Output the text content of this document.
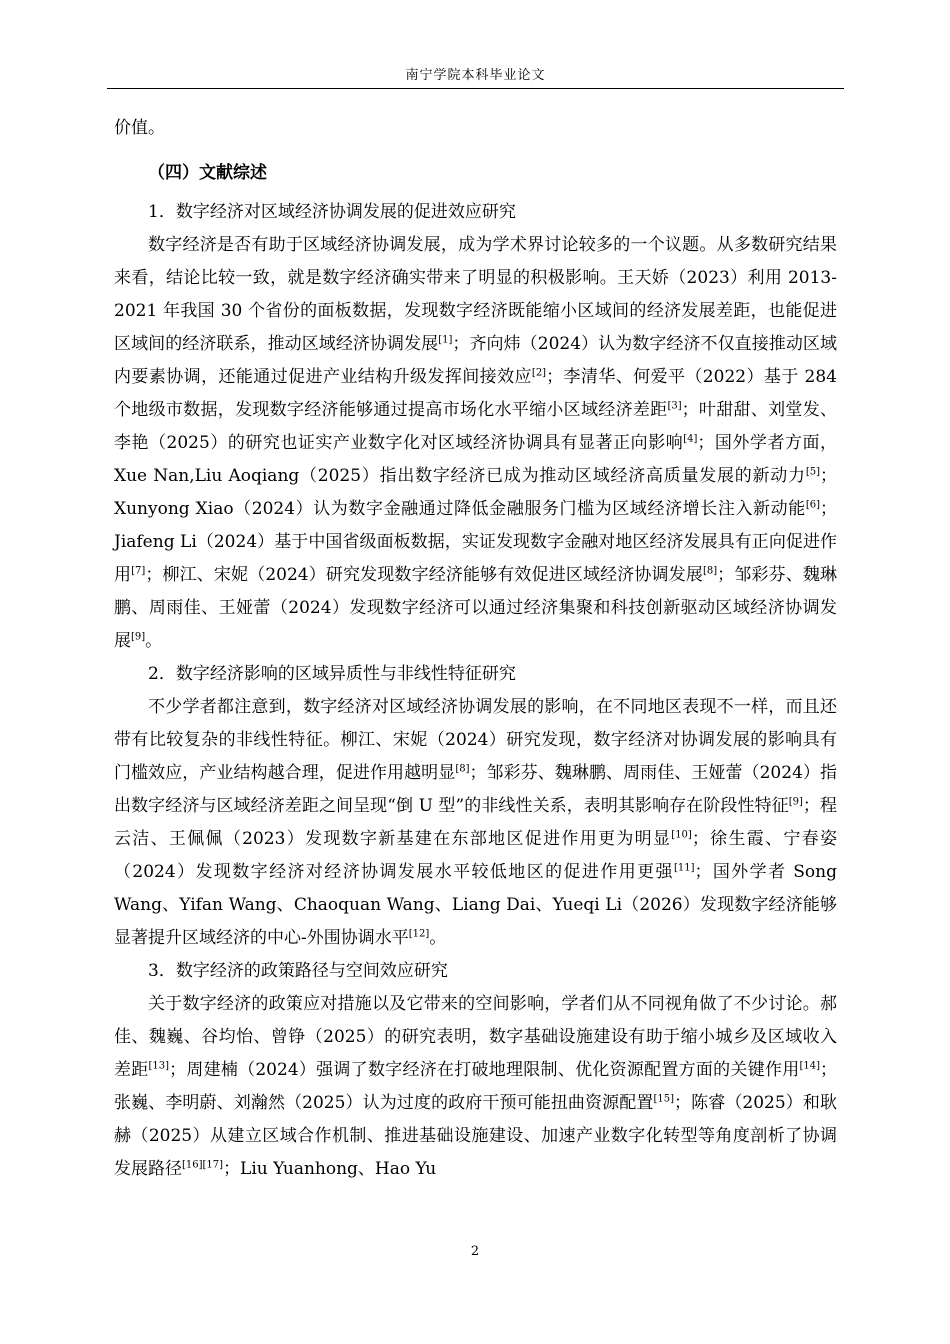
南宁学院本科毕业论文

价值。

（四）文献综述
1．数字经济对区域经济协调发展的促进效应研究

数字经济是否有助于区域经济协调发展，成为学术界讨论较多的一个议题。从多数研究结果来看，结论比较一致，就是数字经济确实带来了明显的积极影响。王天娇（2023）利用 2013-2021 年我国 30 个省份的面板数据，发现数字经济既能缩小区域间的经济发展差距，也能促进区域间的经济联系，推动区域经济协调发展[1]；齐向炜（2024）认为数字经济不仅直接推动区域内要素协调，还能通过促进产业结构升级发挥间接效应[2]；李清华、何爱平（2022）基于 284 个地级市数据，发现数字经济能够通过提高市场化水平缩小区域经济差距[3]；叶甜甜、刘堂发、李艳（2025）的研究也证实产业数字化对区域经济协调具有显著正向影响[4]；国外学者方面，Xue Nan,Liu Aoqiang（2025）指出数字经济已成为推动区域经济高质量发展的新动力[5]；Xunyong Xiao（2024）认为数字金融通过降低金融服务门槛为区域经济增长注入新动能[6]；Jiafeng Li（2024）基于中国省级面板数据，实证发现数字金融对地区经济发展具有正向促进作用[7]；柳江、宋妮（2024）研究发现数字经济能够有效促进区域经济协调发展[8]；邹彩芬、魏琳鹏、周雨佳、王娅蕾（2024）发现数字经济可以通过经济集聚和科技创新驱动区域经济协调发展[9]。

2．数字经济影响的区域异质性与非线性特征研究

不少学者都注意到，数字经济对区域经济协调发展的影响，在不同地区表现不一样，而且还带有比较复杂的非线性特征。柳江、宋妮（2024）研究发现，数字经济对协调发展的影响具有门槛效应，产业结构越合理，促进作用越明显[8]；邹彩芬、魏琳鹏、周雨佳、王娅蕾（2024）指出数字经济与区域经济差距之间呈现“倒 U 型”的非线性关系，表明其影响存在阶段性特征[9]；程云洁、王佩佩（2023）发现数字新基建在东部地区促进作用更为明显[10]；徐生霞、宁春姿（2024）发现数字经济对经济协调发展水平较低地区的促进作用更强[11]；国外学者 Song Wang、Yifan Wang、Chaoquan Wang、Liang Dai、Yueqi Li（2026）发现数字经济能够显著提升区域经济的中心-外围协调水平[12]。

3．数字经济的政策路径与空间效应研究

关于数字经济的政策应对措施以及它带来的空间影响，学者们从不同视角做了不少讨论。郝佳、魏巍、谷均怡、曾铮（2025）的研究表明，数字基础设施建设有助于缩小城乡及区域收入差距[13]；周建楠（2024）强调了数字经济在打破地理限制、优化资源配置方面的关键作用[14]；张巍、李明蔚、刘瀚然（2025）认为过度的政府干预可能扭曲资源配置[15]；陈睿（2025）和耿赫（2025）从建立区域合作机制、推进基础设施建设、加速产业数字化转型等角度剖析了协调发展路径[16][17]；Liu Yuanhong、Hao Yu

2
